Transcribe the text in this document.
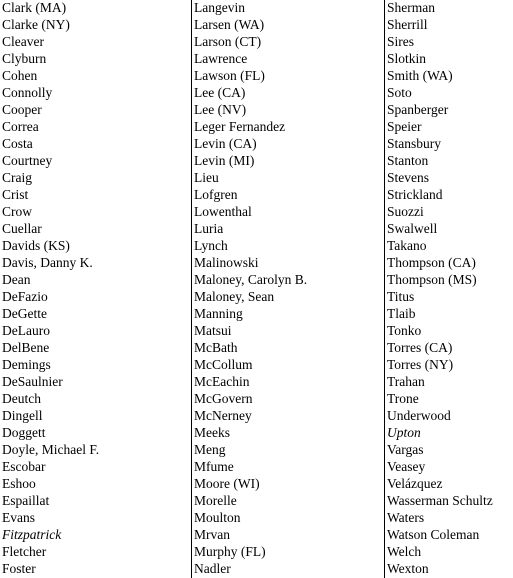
Clark (MA)
Clarke (NY)
Cleaver
Clyburn
Cohen
Connolly
Cooper
Correa
Costa
Courtney
Craig
Crist
Crow
Cuellar
Davids (KS)
Davis, Danny K.
Dean
DeFazio
DeGette
DeLauro
DelBene
Demings
DeSaulnier
Deutch
Dingell
Doggett
Doyle, Michael F.
Escobar
Eshoo
Espaillat
Evans
Fitzpatrick
Fletcher
Foster
Langevin
Larsen (WA)
Larson (CT)
Lawrence
Lawson (FL)
Lee (CA)
Lee (NV)
Leger Fernandez
Levin (CA)
Levin (MI)
Lieu
Lofgren
Lowenthal
Luria
Lynch
Malinowski
Maloney, Carolyn B.
Maloney, Sean
Manning
Matsui
McBath
McCollum
McEachin
McGovern
McNerney
Meeks
Meng
Mfume
Moore (WI)
Morelle
Moulton
Mrvan
Murphy (FL)
Nadler
Sherman
Sherrill
Sires
Slotkin
Smith (WA)
Soto
Spanberger
Speier
Stansbury
Stanton
Stevens
Strickland
Suozzi
Swalwell
Takano
Thompson (CA)
Thompson (MS)
Titus
Tlaib
Tonko
Torres (CA)
Torres (NY)
Trahan
Trone
Underwood
Upton
Vargas
Veasey
Velázquez
Wasserman Schultz
Waters
Watson Coleman
Welch
Wexton
